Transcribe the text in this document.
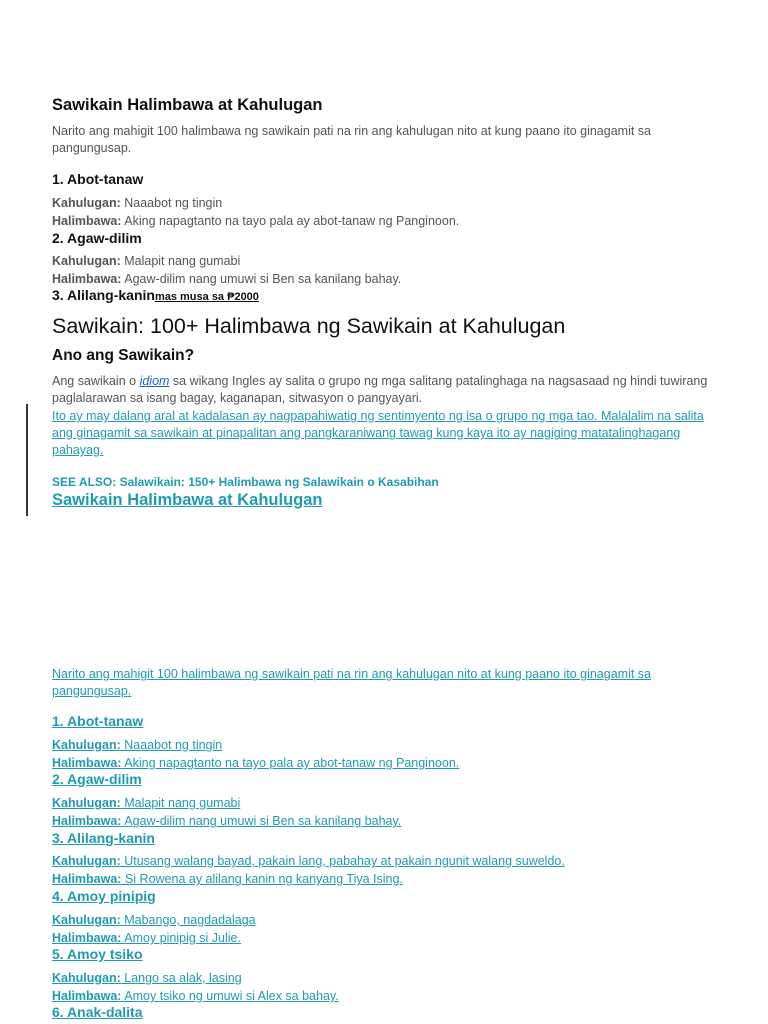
Sawikain Halimbawa at Kahulugan
Narito ang mahigit 100 halimbawa ng sawikain pati na rin ang kahulugan nito at kung paano ito ginagamit sa pangungusap.
1. Abot-tanaw
Kahulugan: Naaabot ng tingin
Halimbawa: Aking napagtanto na tayo pala ay abot-tanaw ng Panginoon.
2. Agaw-dilim
Kahulugan: Malapit nang gumabi
Halimbawa: Agaw-dilim nang umuwi si Ben sa kanilang bahay.
3. Alilang-kaninmas musa sa ₱2000
Sawikain: 100+ Halimbawa ng Sawikain at Kahulugan
Ano ang Sawikain?
Ang sawikain o idiom sa wikang Ingles ay salita o grupo ng mga salitang patalinghaga na nagsasaad ng hindi tuwirang paglalarawan sa isang bagay, kaganapan, sitwasyon o pangyayari.
Ito ay may dalang aral at kadalasan ay nagpapahiwatig ng sentimyento ng isa o grupo ng mga tao. Malalalim na salita ang ginagamit sa sawikain at pinapalitan ang pangkaraniwang tawag kung kaya ito ay nagiging matatalinghagang pahayag.
SEE ALSO: Salawikain: 150+ Halimbawa ng Salawikain o Kasabihan
Sawikain Halimbawa at Kahulugan
Narito ang mahigit 100 halimbawa ng sawikain pati na rin ang kahulugan nito at kung paano ito ginagamit sa pangungusap.
1. Abot-tanaw
Kahulugan: Naaabot ng tingin
Halimbawa: Aking napagtanto na tayo pala ay abot-tanaw ng Panginoon.
2. Agaw-dilim
Kahulugan: Malapit nang gumabi
Halimbawa: Agaw-dilim nang umuwi si Ben sa kanilang bahay.
3. Alilang-kanin
Kahulugan: Utusang walang bayad, pakain lang, pabahay at pakain ngunit walang suweldo.
Halimbawa: Si Rowena ay alilang kanin ng kanyang Tiya Ising.
4. Amoy pinipig
Kahulugan: Mabango, nagdadalaga
Halimbawa: Amoy pinipig si Julie.
5. Amoy tsiko
Kahulugan: Lango sa alak, lasing
Halimbawa: Amoy tsiko ng umuwi si Alex sa bahay.
6. Anak-dalita
